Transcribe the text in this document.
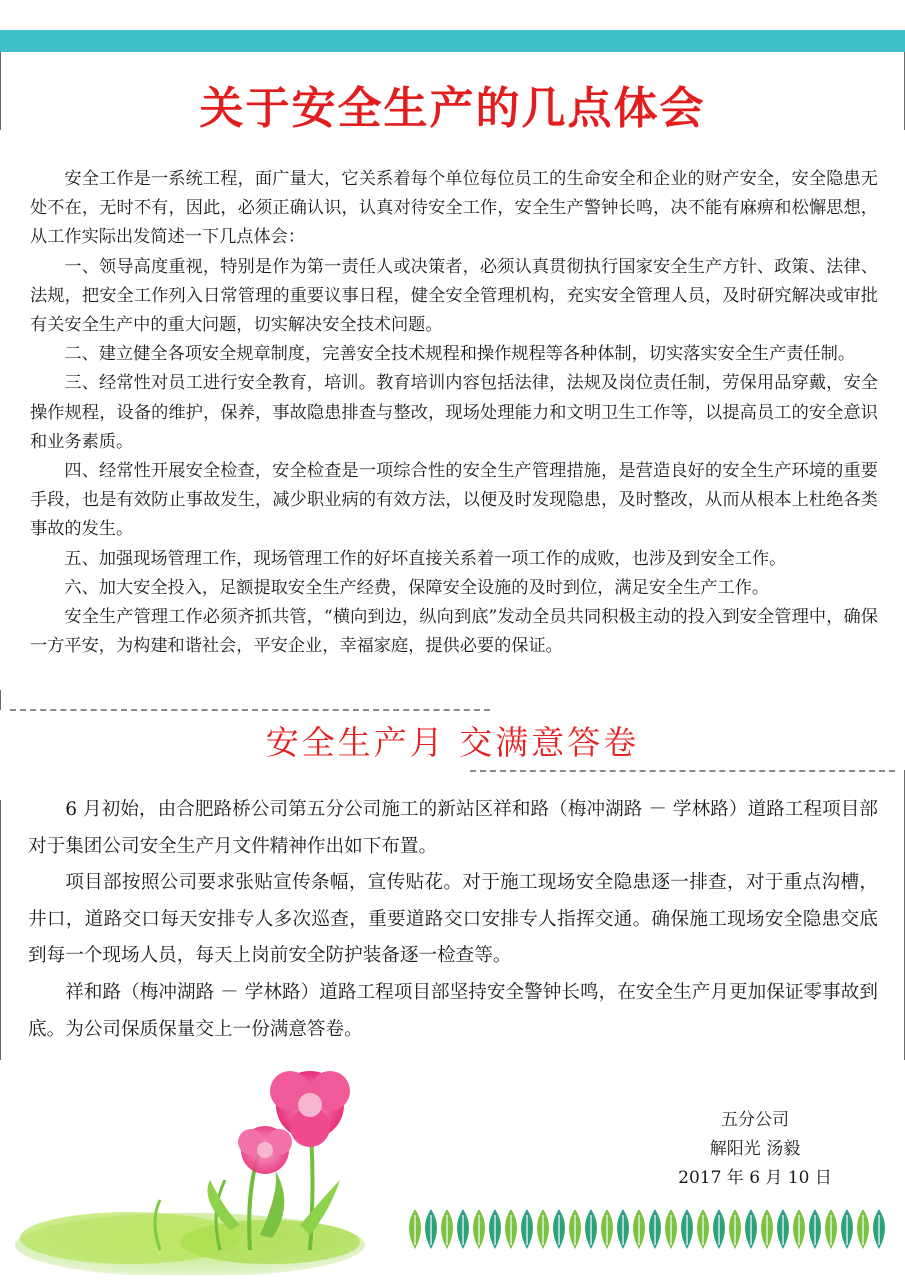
关于安全生产的几点体会

安全工作是一系统工程，面广量大，它关系着每个单位每位员工的生命安全和企业的财产安全，安全隐患无处不在，无时不有，因此，必须正确认识，认真对待安全工作，安全生产警钟长鸣，决不能有麻痹和松懈思想，从工作实际出发简述一下几点体会：

一、领导高度重视，特别是作为第一责任人或决策者，必须认真贯彻执行国家安全生产方针、政策、法律、法规，把安全工作列入日常管理的重要议事日程，健全安全管理机构，充实安全管理人员，及时研究解决或审批有关安全生产中的重大问题，切实解决安全技术问题。

二、建立健全各项安全规章制度，完善安全技术规程和操作规程等各种体制，切实落实安全生产责任制。

三、经常性对员工进行安全教育，培训。教育培训内容包括法律，法规及岗位责任制，劳保用品穿戴，安全操作规程，设备的维护，保养，事故隐患排查与整改，现场处理能力和文明卫生工作等，以提高员工的安全意识和业务素质。

四、经常性开展安全检查，安全检查是一项综合性的安全生产管理措施，是营造良好的安全生产环境的重要手段，也是有效防止事故发生，减少职业病的有效方法，以便及时发现隐患，及时整改，从而从根本上杜绝各类事故的发生。

五、加强现场管理工作，现场管理工作的好坏直接关系着一项工作的成败，也涉及到安全工作。

六、加大安全投入，足额提取安全生产经费，保障安全设施的及时到位，满足安全生产工作。

安全生产管理工作必须齐抓共管，“横向到边，纵向到底”发动全员共同积极主动的投入到安全管理中，确保一方平安，为构建和谐社会，平安企业，幸福家庭，提供必要的保证。

安全生产月 交满意答卷

6 月初始，由合肥路桥公司第五分公司施工的新站区祥和路（梅冲湖路 － 学林路）道路工程项目部对于集团公司安全生产月文件精神作出如下布置。

项目部按照公司要求张贴宣传条幅，宣传贴花。对于施工现场安全隐患逐一排查，对于重点沟槽，井口，道路交口每天安排专人多次巡查，重要道路交口安排专人指挥交通。确保施工现场安全隐患交底到每一个现场人员，每天上岗前安全防护装备逐一检查等。

祥和路（梅冲湖路 － 学林路）道路工程项目部坚持安全警钟长鸣，在安全生产月更加保证零事故到底。为公司保质保量交上一份满意答卷。

五分公司
解阳光 汤毅
2017 年 6 月 10 日
